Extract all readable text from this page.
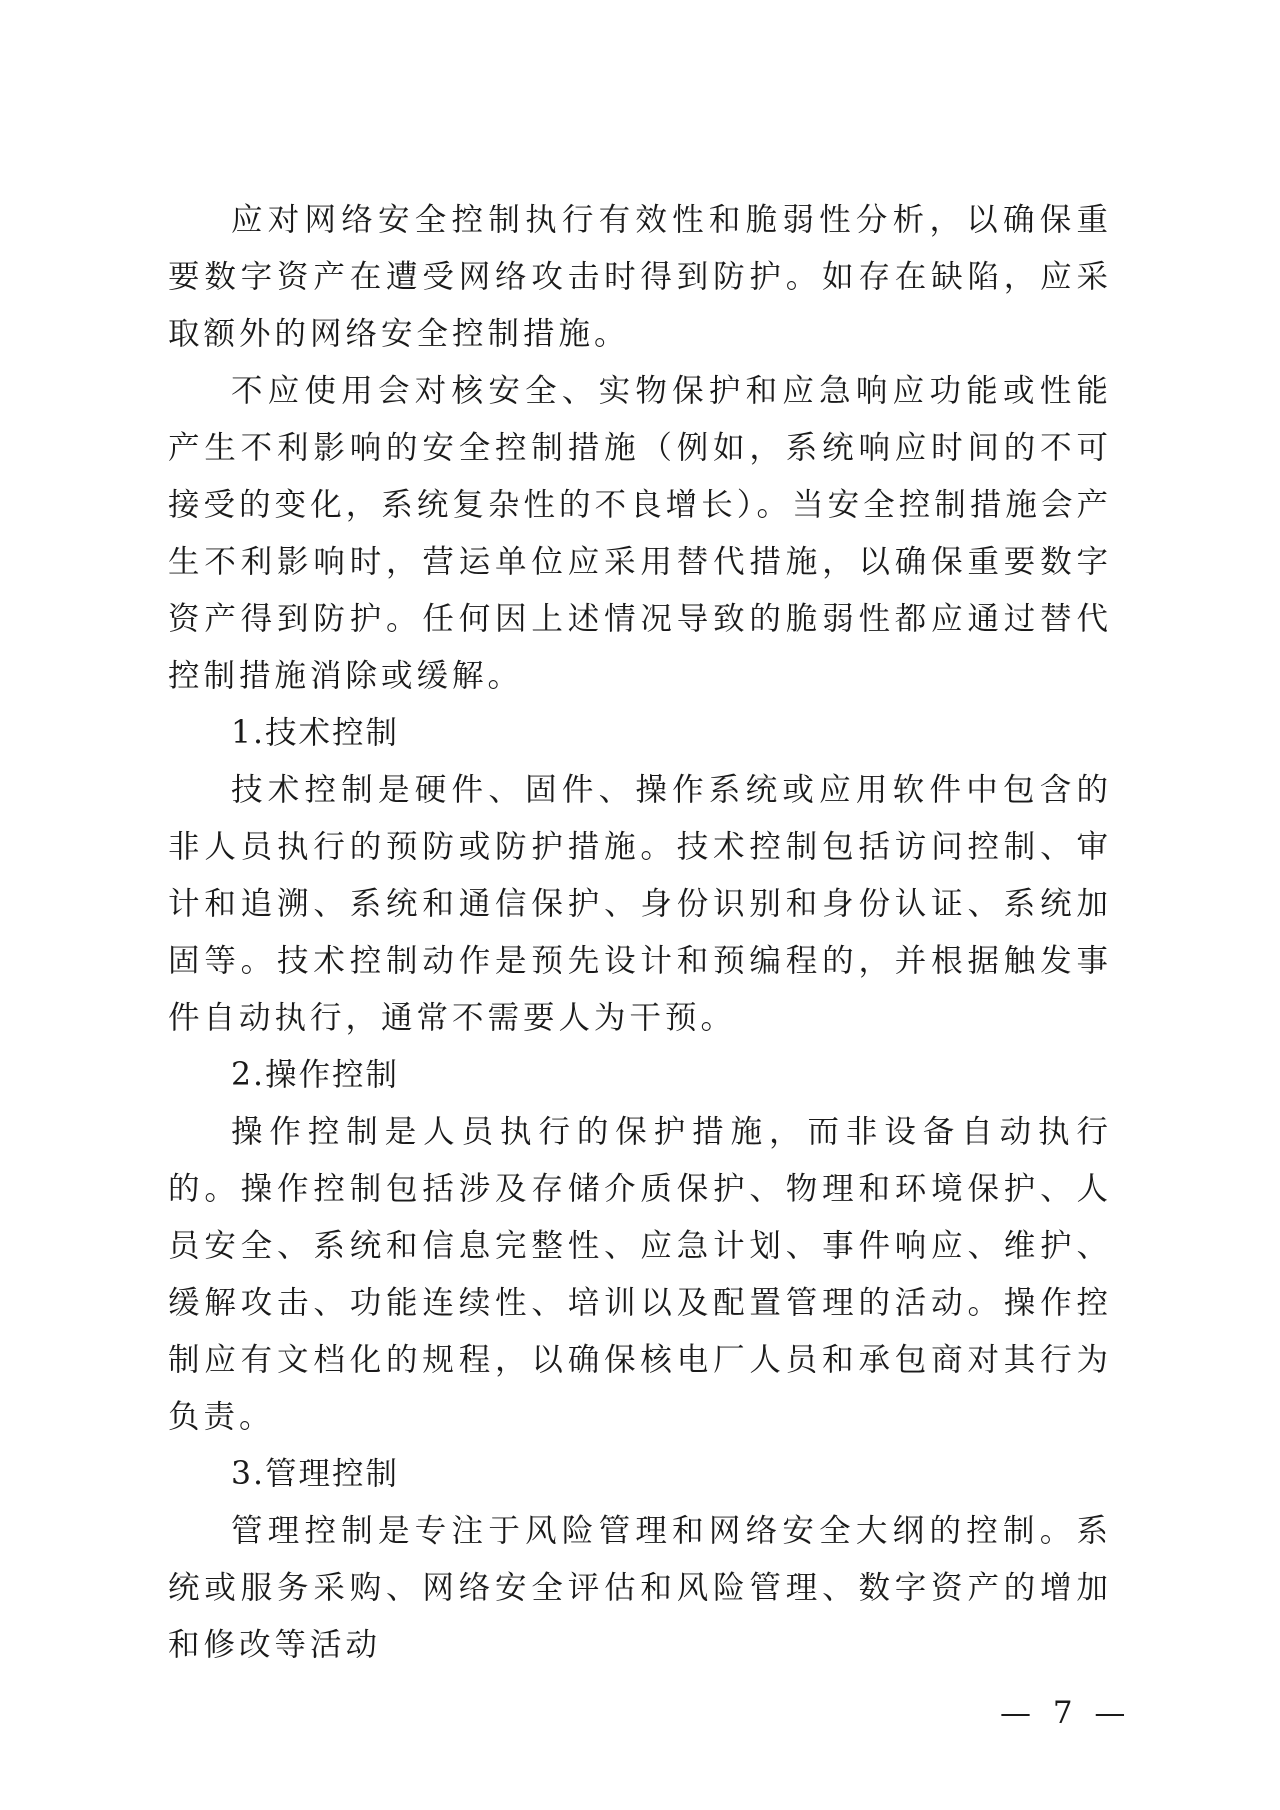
应对网络安全控制执行有效性和脆弱性分析，以确保重要数字资产在遭受网络攻击时得到防护。如存在缺陷，应采取额外的网络安全控制措施。

不应使用会对核安全、实物保护和应急响应功能或性能产生不利影响的安全控制措施（例如，系统响应时间的不可接受的变化，系统复杂性的不良增长）。当安全控制措施会产生不利影响时，营运单位应采用替代措施，以确保重要数字资产得到防护。任何因上述情况导致的脆弱性都应通过替代控制措施消除或缓解。

1.技术控制

技术控制是硬件、固件、操作系统或应用软件中包含的非人员执行的预防或防护措施。技术控制包括访问控制、审计和追溯、系统和通信保护、身份识别和身份认证、系统加固等。技术控制动作是预先设计和预编程的，并根据触发事件自动执行，通常不需要人为干预。

2.操作控制

操作控制是人员执行的保护措施，而非设备自动执行的。操作控制包括涉及存储介质保护、物理和环境保护、人员安全、系统和信息完整性、应急计划、事件响应、维护、缓解攻击、功能连续性、培训以及配置管理的活动。操作控制应有文档化的规程，以确保核电厂人员和承包商对其行为负责。

3.管理控制

管理控制是专注于风险管理和网络安全大纲的控制。系统或服务采购、网络安全评估和风险管理、数字资产的增加和修改等活动

— 7 —
